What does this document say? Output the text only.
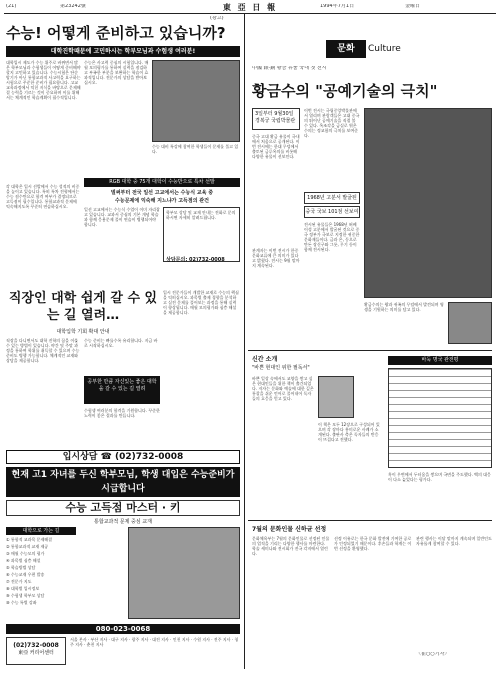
(21)	第23242號	東 亞 日 報	1994年7月1日	金曜日
(광고)
수능! 어떻게 준비하고 있습니까?
대학진학때문에 고민하시는 학부모님과 수험생 여러분!
대학입시 제도가 수능 위주로 바뀌면서 많은 학부모님과 수험생들이 어떻게 준비해야 할지 고민하고 있습니다. 수능시험은 단순 암기가 아닌 통합교과적 사고력을 요구하는 시험으로 꾸준한 준비가 필요합니다. 고교 교육과정에서 익힌 지식을 바탕으로 문제해결 능력을 기르는 것이 중요하며 이를 위해서는 체계적인 학습계획이 필수적입니다.
수능은 사고력 중심의 시험입니다. 매월 모의평가를 통하여 실력을 점검하고 부족한 부분을 보완하는 학습이 효과적입니다. 전문가의 상담을 받아보십시오.
수능 대비 특강에 참여한 학생들이 문제를 풀고 있다.
RGB 대학 중 75개 대학이 수능반으로 특차 선발
벌써부터 전국 일선 고교에서는 수능식 교육 중
수능문제에 익숙해 지느냐가 고득점의 관건
각 대학은 입시 선발에서 수능 성적의 비중을 높이고 있습니다. 특히 특차 전형에서는 수능 점수만으로 합격 여부가 결정되므로 고득점이 필수입니다. 통합교과적 문제에 익숙해지도록 꾸준히 연습하십시오.
일선 고교에서는 수능식 수업이 이미 자리잡고 있습니다. 교과서 중심의 기본 개념 학습과 함께 응용문제 풀이 연습이 병행되어야 합니다.
학부모 상담 및 교재 안내는 전화로 문의하시면 자세히 알려드립니다.
상담문의: 02)732-0008
직장인 대학 쉽게 갈 수 있는 길 열려…
대학입학 기회 확대 안내
직장을 다니면서도 대학 진학의 꿈을 이룰 수 있는 방법이 있습니다. 야간 및 주말 과정을 통하여 학위를 취득할 수 있으며 수능 준비도 병행 가능합니다. 체계적인 교재와 상담을 제공합니다.
수능 준비는 빠를수록 유리합니다. 지금 바로 시작하십시오.
공부한 만큼 자신있는 좋은 대학을 갈 수 있는 길 열려
입시 전문가들이 개발한 교재로 수능의 핵심을 익히십시오. 과목별 출제 경향을 분석하고 실전 문제를 풀어보는 과정을 통해 실력이 향상됩니다. 매월 모의평가와 심층 해설을 제공합니다.
수험생 여러분의 합격을 기원합니다. 꾸준한 노력이 좋은 결과를 만듭니다.
입시상담 ☎ (02)732-0008
현재 고1 자녀를 두신 학부모님, 학생 대입은 수능준비가 시급합니다
수능 고득점 마스터 · 키
통합교과적 문제 중심 교재
대학으로 가는 길
① 통합적 교과목 문제해결
② 통합교과적 교재 제공
③ 매월 수능모의 평가
④ 과목별 심층 해설
⑤ 학습방법 상담
⑥ 수능교재 우편 발송
⑦ 전문가 지도
⑧ 대학별 입시정보
⑨ 수험생 학부모 상담
⑩ 수능 특별 강좌
080-023-0068
(02)732-0008
東亞 커리어센터
서울 본사 · 부산 지사 · 대구 지사 · 광주 지사 · 대전 지사 · 인천 지사 · 수원 지사 · 전주 지사 · 청주 지사 · 춘천 지사
문화	Culture
中國 銀·銅 황금 유물 국내 첫 전시
황금수의 "공예기술의 극치"
3일부터 9월30일 경복궁 국립박물관
중국 고대 황금 유물이 국내에서 처음으로 공개된다. 이번 전시에는 한대 무덤에서 출토된 금루옥의를 비롯해 다양한 유물이 선보인다.
이번 전시는 국립중앙박물관에서 열리며 관람객들은 고대 중국의 뛰어난 공예기술을 직접 볼 수 있다. 옥조각을 금실로 엮은 수의는 정교함의 극치를 보여준다.
1968년 고분서 발굴된
중국 국보 101점 선보여
전시된 유물들은 1968년 허베이성 고분에서 발굴된 것으로 중국 정부가 국보로 지정한 귀중한 문화재들이다. 금과 은, 동으로 만든 장신구와 그릇, 무기 등이 함께 전시된다.
관계자는 이번 전시가 한중 문화교류에 큰 의미가 있다고 밝혔다. 전시는 9월 말까지 계속된다.
황금수의는 왕과 귀족의 무덤에서 발견되며 영생을 기원하는 의미를 담고 있다.
신간 소개
"바쁜 현대인 위한 필독서"
바쁜 일상 속에서도 교양을 쌓고 싶은 현대인들을 위한 책이 출간되었다. 저자는 문화와 예술에 대한 깊은 통찰을 쉬운 언어로 풀어내어 독자들의 호응을 얻고 있다.
이 책은 모두 12장으로 구성되어 있으며 각 장마다 흥미로운 사례가 소개된다. 출판사 측은 독자들의 반응이 뜨겁다고 전했다.
바둑 명국 관전평
흑이 우변에서 두터움을 쌓으며 국면을 주도했다. 백의 대응이 다소 늦었다는 평가다.
7월의 문화인물 신하균 선정
문화체육부는 7월의 문화인물로 선정된 인물의 업적을 기리는 다양한 행사를 마련한다. 학술 세미나와 전시회가 전국 각지에서 열린다.
선정 이유로는 한국 문화 발전에 기여한 공로가 인정되었기 때문이다. 후손들과 학계는 이번 선정을 환영했다.
관련 행사는 이달 말까지 계속되며 일반인도 자유롭게 참여할 수 있다.
〈崔○○기자〉
